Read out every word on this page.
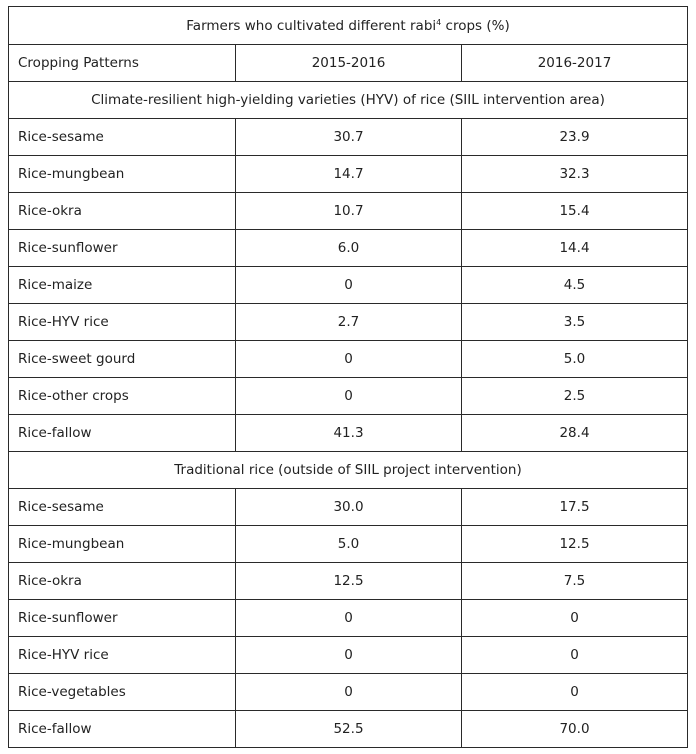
Farmers who cultivated different rabi$^4$ crops (%)		
Cropping Patterns	2015-2016	2016-2017
Climate-resilient high-yielding varieties (HYV) of rice (SIIL intervention area)		
Rice-sesame	30.7	23.9
Rice-mungbean	14.7	32.3
Rice-okra	10.7	15.4
Rice-sunflower	6.0	14.4
Rice-maize	0	4.5
Rice-HYV rice	2.7	3.5
Rice-sweet gourd	0	5.0
Rice-other crops	0	2.5
Rice-fallow	41.3	28.4
Traditional rice (outside of SIIL project intervention)		
Rice-sesame	30.0	17.5
Rice-mungbean	5.0	12.5
Rice-okra	12.5	7.5
Rice-sunflower	0	0
Rice-HYV rice	0	0
Rice-vegetables	0	0
Rice-fallow	52.5	70.0
